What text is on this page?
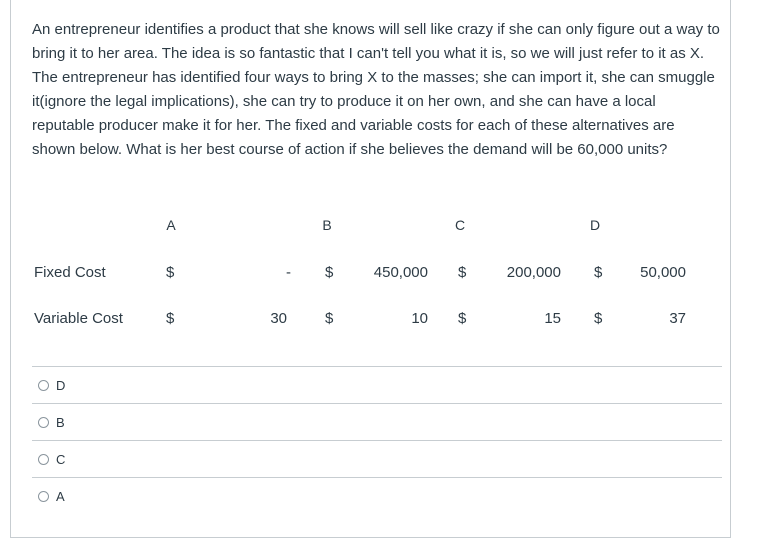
An entrepreneur identifies a product that she knows will sell like crazy if she can only figure out a way to bring it to her area. The idea is so fantastic that I can't tell you what it is, so we will just refer to it as X. The entrepreneur has identified four ways to bring X to the masses; she can import it, she can smuggle it(ignore the legal implications), she can try to produce it on her own, and she can have a local reputable producer make it for her. The fixed and variable costs for each of these alternatives are shown below. What is her best course of action if she believes the demand will be 60,000 units?

A	B	C	D
Fixed Cost	$	- $	450,000 $	200,000 $	50,000
Variable Cost	$	30	$	10 $	15 $	37
D
B
C
A
